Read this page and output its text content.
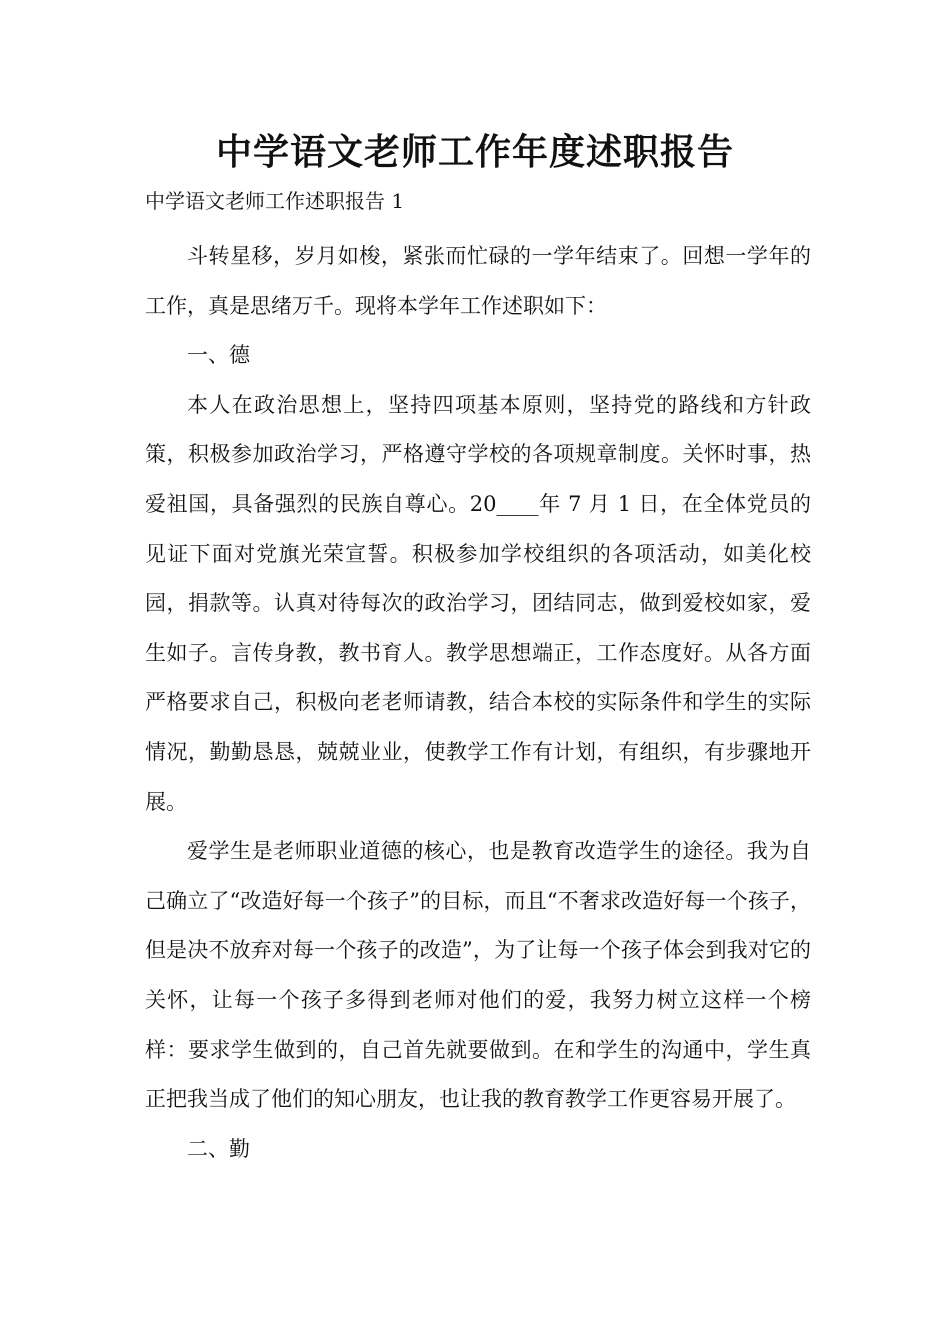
中学语文老师工作年度述职报告
中学语文老师工作述职报告 1

斗转星移，岁月如梭，紧张而忙碌的一学年结束了。回想一学年的工作，真是思绪万千。现将本学年工作述职如下：

一、德

本人在政治思想上，坚持四项基本原则，坚持党的路线和方针政策，积极参加政治学习，严格遵守学校的各项规章制度。关怀时事，热爱祖国，具备强烈的民族自尊心。20____年 7 月 1 日，在全体党员的见证下面对党旗光荣宣誓。积极参加学校组织的各项活动，如美化校园，捐款等。认真对待每次的政治学习，团结同志，做到爱校如家，爱生如子。言传身教，教书育人。教学思想端正，工作态度好。从各方面严格要求自己，积极向老老师请教，结合本校的实际条件和学生的实际情况，勤勤恳恳，兢兢业业，使教学工作有计划，有组织，有步骤地开展。

爱学生是老师职业道德的核心，也是教育改造学生的途径。我为自己确立了“改造好每一个孩子”的目标，而且“不奢求改造好每一个孩子，但是决不放弃对每一个孩子的改造”，为了让每一个孩子体会到我对它的关怀，让每一个孩子多得到老师对他们的爱，我努力树立这样一个榜样：要求学生做到的，自己首先就要做到。在和学生的沟通中，学生真正把我当成了他们的知心朋友，也让我的教育教学工作更容易开展了。

二、勤
